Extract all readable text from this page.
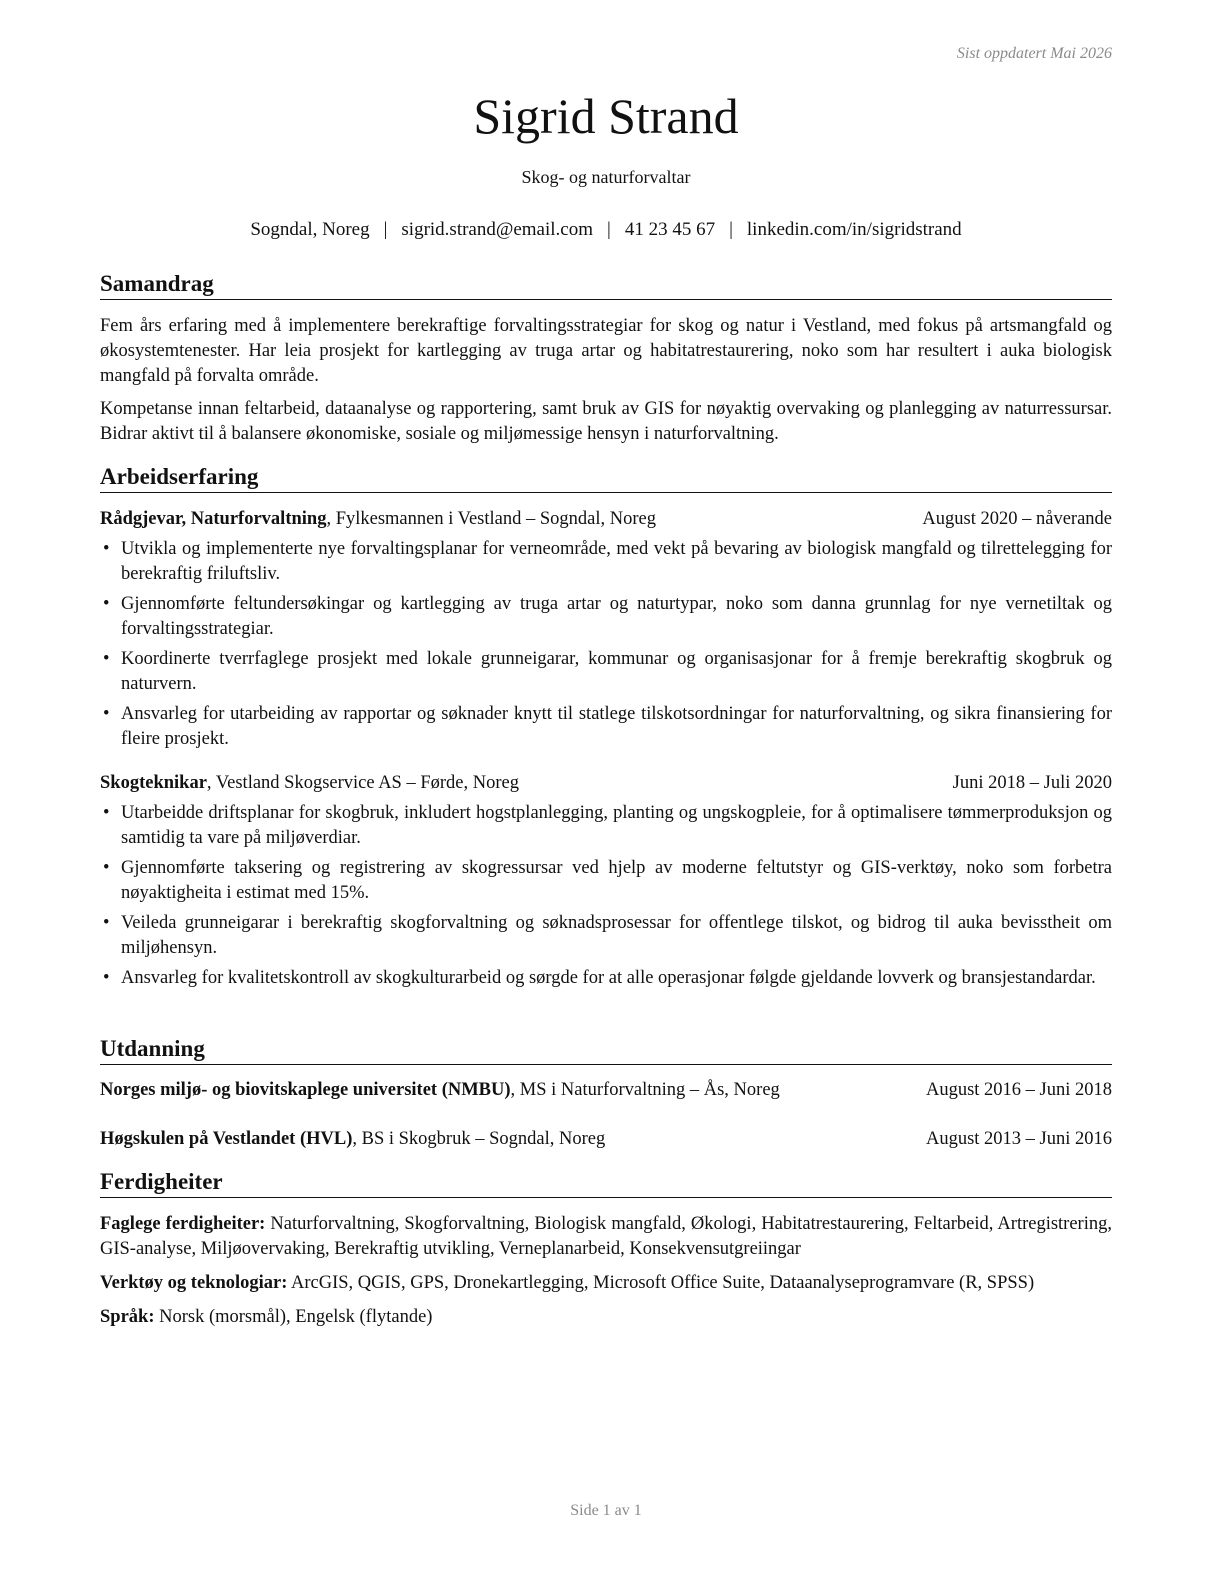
Sist oppdatert Mai 2026
Sigrid Strand
Skog- og naturforvaltar
Sogndal, Noreg | sigrid.strand@email.com | 41 23 45 67 | linkedin.com/in/sigridstrand
Samandrag

Fem års erfaring med å implementere berekraftige forvaltingsstrategiar for skog og natur i Vestland, med fokus på artsmangfald og økosystemtenester. Har leia prosjekt for kartlegging av truga artar og habitatrestaurering, noko som har resultert i auka biologisk mangfald på forvalta område.

Kompetanse innan feltarbeid, dataanalyse og rapportering, samt bruk av GIS for nøyaktig overvaking og planlegging av naturressursar. Bidrar aktivt til å balansere økonomiske, sosiale og miljømessige hensyn i naturforvaltning.

Arbeidserfaring
Rådgjevar, Naturforvaltning, Fylkesmannen i Vestland – Sogndal, Noreg	August 2020 – nåverande
• Utvikla og implementerte nye forvaltingsplanar for verneområde, med vekt på bevaring av biologisk mangfald og tilrettelegging for berekraftig friluftsliv.
• Gjennomførte feltundersøkingar og kartlegging av truga artar og naturtypar, noko som danna grunnlag for nye vernetiltak og forvaltingsstrategiar.
• Koordinerte tverrfaglege prosjekt med lokale grunneigarar, kommunar og organisasjonar for å fremje berekraftig skogbruk og naturvern.
• Ansvarleg for utarbeiding av rapportar og søknader knytt til statlege tilskotsordningar for naturforvaltning, og sikra finansiering for fleire prosjekt.
Skogteknikar, Vestland Skogservice AS – Førde, Noreg	Juni 2018 – Juli 2020
• Utarbeidde driftsplanar for skogbruk, inkludert hogstplanlegging, planting og ungskogpleie, for å optimalisere tømmerproduksjon og samtidig ta vare på miljøverdiar.
• Gjennomførte taksering og registrering av skogressursar ved hjelp av moderne feltutstyr og GIS-verktøy, noko som forbetra nøyaktigheita i estimat med 15%.
• Veileda grunneigarar i berekraftig skogforvaltning og søknadsprosessar for offentlege tilskot, og bidrog til auka bevisstheit om miljøhensyn.
• Ansvarleg for kvalitetskontroll av skogkulturarbeid og sørgde for at alle operasjonar følgde gjeldande lovverk og bransjestandardar.
Utdanning
Norges miljø- og biovitskaplege universitet (NMBU), MS i Naturforvaltning – Ås, Noreg	August 2016 – Juni 2018
Høgskulen på Vestlandet (HVL), BS i Skogbruk – Sogndal, Noreg	August 2013 – Juni 2016
Ferdigheiter

Faglege ferdigheiter: Naturforvaltning, Skogforvaltning, Biologisk mangfald, Økologi, Habitatrestaurering, Feltarbeid, Artregistrering, GIS-analyse, Miljøovervaking, Berekraftig utvikling, Verneplanarbeid, Konsekvensutgreiingar

Verktøy og teknologiar: ArcGIS, QGIS, GPS, Dronekartlegging, Microsoft Office Suite, Dataanalyseprogramvare (R, SPSS)

Språk: Norsk (morsmål), Engelsk (flytande)

Side 1 av 1
